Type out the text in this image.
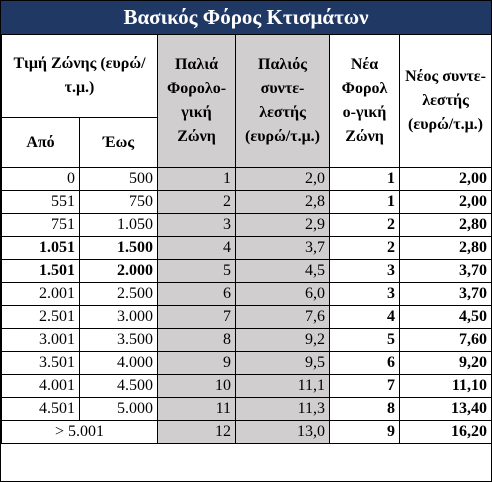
Βασικός Φόρος Κτισμάτων
Τιμή Ζώνης (ευρώ/τ.μ.)		Παλιά Φορολο-γική Ζώνη	Παλιός συντε-λεστής (ευρώ/τ.μ.)	Νέα Φορολ ο-γική Ζώνη	Νέος συντε-λεστής (ευρώ/τ.μ.)
Από	Έως				
0	500	1	2,0	1	2,00
551	750	2	2,8	1	2,00
751	1.050	3	2,9	2	2,80
1.051	1.500	4	3,7	2	2,80
1.501	2.000	5	4,5	3	3,70
2.001	2.500	6	6,0	3	3,70
2.501	3.000	7	7,6	4	4,50
3.001	3.500	8	9,2	5	7,60
3.501	4.000	9	9,5	6	9,20
4.001	4.500	10	11,1	7	11,10
4.501	5.000	11	11,3	8	13,40
> 5.001		12	13,0	9	16,20
